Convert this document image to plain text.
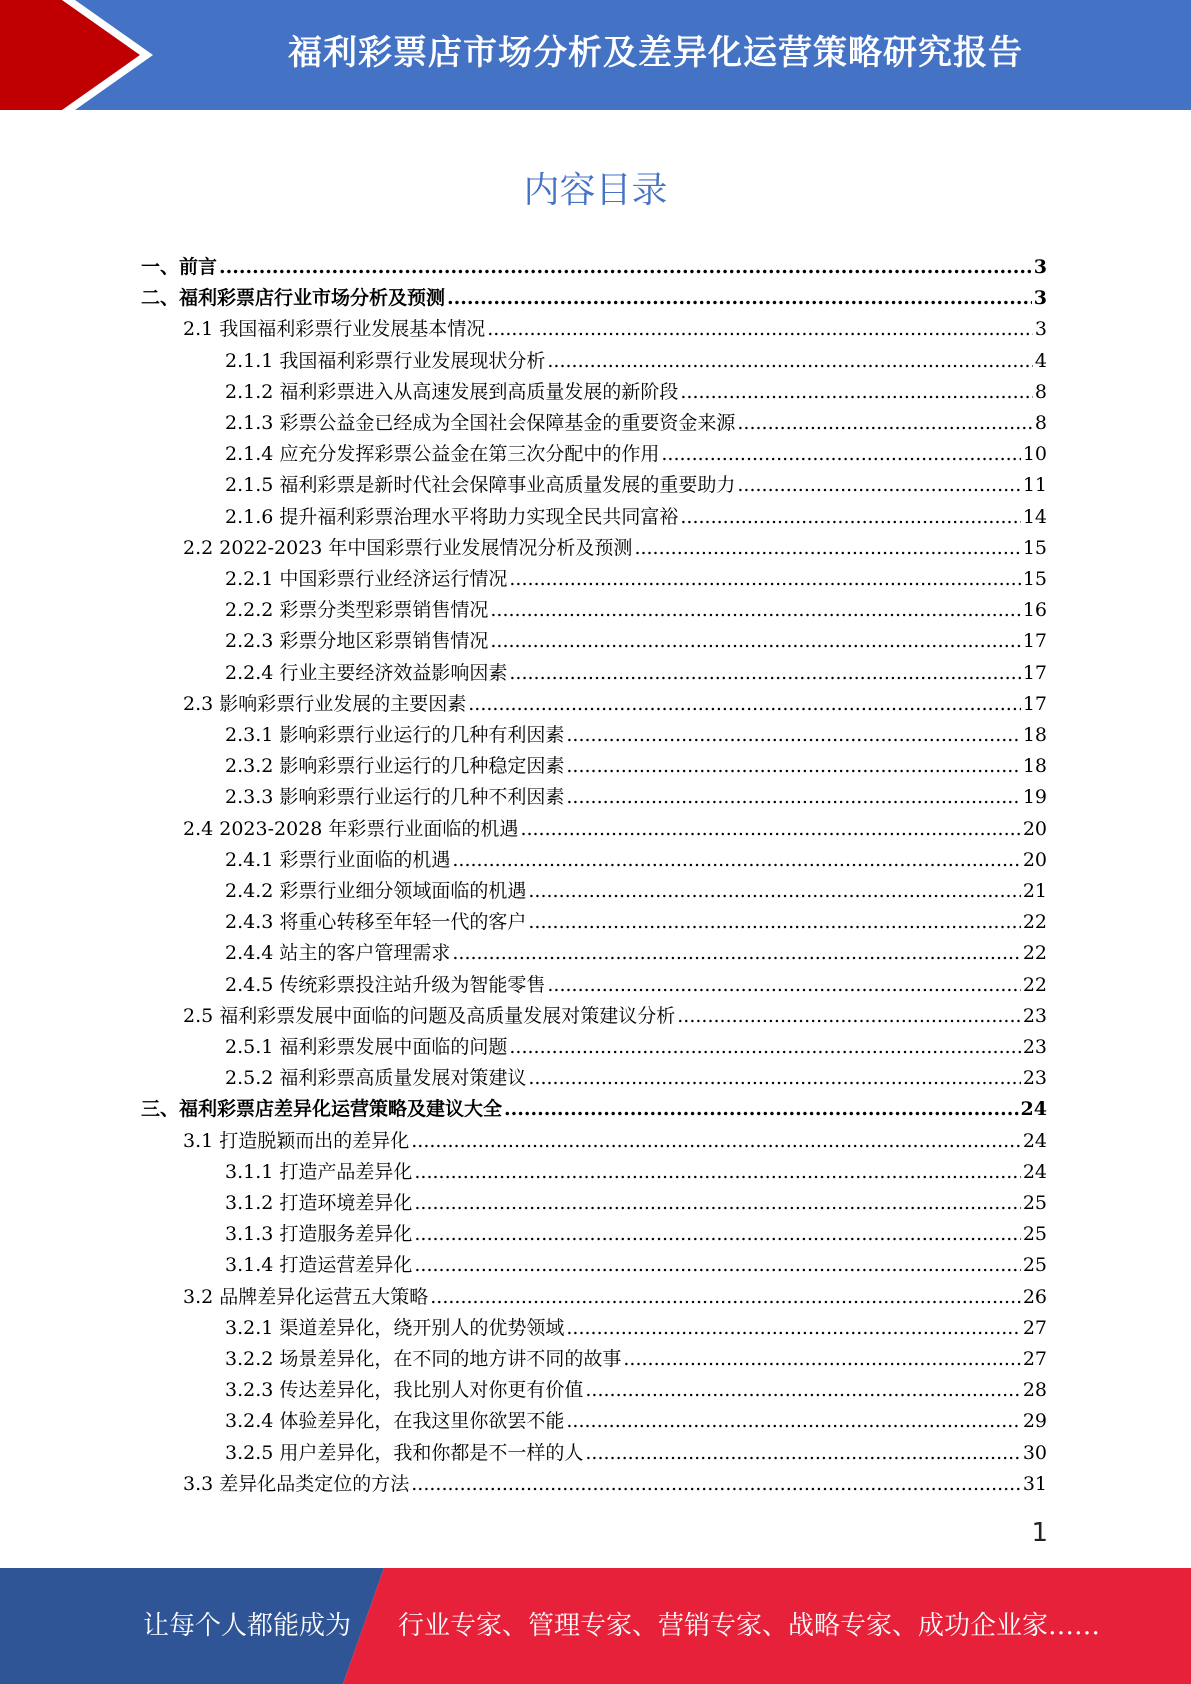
福利彩票店市场分析及差异化运营策略研究报告
内容目录
一、前言 .....	3
二、福利彩票店行业市场分析及预测 .....	3
2.1 我国福利彩票行业发展基本情况 .....	3
2.1.1 我国福利彩票行业发展现状分析 .....	4
2.1.2 福利彩票进入从高速发展到高质量发展的新阶段 .....	8
2.1.3 彩票公益金已经成为全国社会保障基金的重要资金来源 .....	8
2.1.4 应充分发挥彩票公益金在第三次分配中的作用 .....	10
2.1.5 福利彩票是新时代社会保障事业高质量发展的重要助力 .....	11
2.1.6 提升福利彩票治理水平将助力实现全民共同富裕 .....	14
2.2 2022-2023 年中国彩票行业发展情况分析及预测 .....	15
2.2.1 中国彩票行业经济运行情况 .....	15
2.2.2 彩票分类型彩票销售情况 .....	16
2.2.3 彩票分地区彩票销售情况 .....	17
2.2.4 行业主要经济效益影响因素 .....	17
2.3 影响彩票行业发展的主要因素 .....	17
2.3.1 影响彩票行业运行的几种有利因素 .....	18
2.3.2 影响彩票行业运行的几种稳定因素 .....	18
2.3.3 影响彩票行业运行的几种不利因素 .....	19
2.4 2023-2028 年彩票行业面临的机遇 .....	20
2.4.1 彩票行业面临的机遇 .....	20
2.4.2 彩票行业细分领域面临的机遇 .....	21
2.4.3 将重心转移至年轻一代的客户 .....	22
2.4.4 站主的客户管理需求 .....	22
2.4.5 传统彩票投注站升级为智能零售 .....	22
2.5 福利彩票发展中面临的问题及高质量发展对策建议分析 .....	23
2.5.1 福利彩票发展中面临的问题 .....	23
2.5.2 福利彩票高质量发展对策建议 .....	23
三、福利彩票店差异化运营策略及建议大全 .....	24
3.1 打造脱颖而出的差异化 .....	24
3.1.1 打造产品差异化 .....	24
3.1.2 打造环境差异化 .....	25
3.1.3 打造服务差异化 .....	25
3.1.4 打造运营差异化 .....	25
3.2 品牌差异化运营五大策略 .....	26
3.2.1 渠道差异化，绕开别人的优势领域 .....	27
3.2.2 场景差异化，在不同的地方讲不同的故事 .....	27
3.2.3 传达差异化，我比别人对你更有价值 .....	28
3.2.4 体验差异化，在我这里你欲罢不能 .....	29
3.2.5 用户差异化，我和你都是不一样的人 .....	30
3.3 差异化品类定位的方法 .....	31
1
让每个人都能成为 行业专家、管理专家、营销专家、战略专家、成功企业家……
